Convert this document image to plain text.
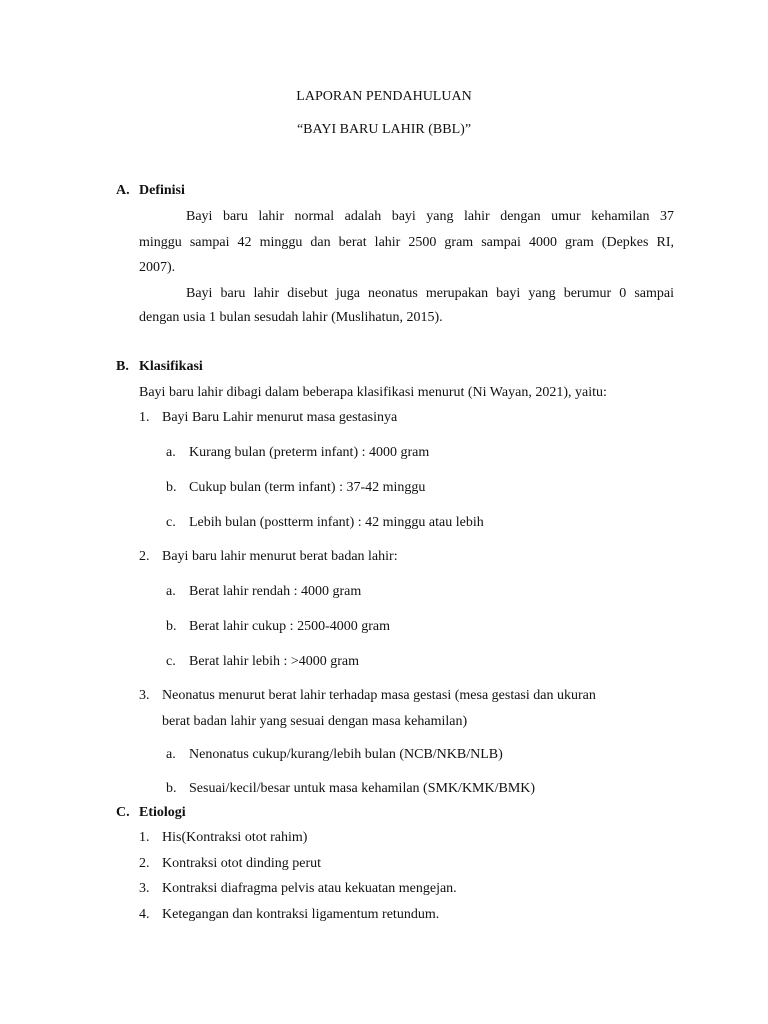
LAPORAN PENDAHULUAN
“BAYI BARU LAHIR (BBL)”
A. Definisi
Bayi baru lahir normal adalah bayi yang lahir dengan umur kehamilan 37
minggu sampai 42 minggu dan berat lahir 2500 gram sampai 4000 gram (Depkes RI,
2007).
Bayi baru lahir disebut juga neonatus merupakan bayi yang berumur 0 sampai
dengan usia 1 bulan sesudah lahir (Muslihatun, 2015).
B. Klasifikasi
Bayi baru lahir dibagi dalam beberapa klasifikasi menurut (Ni Wayan, 2021), yaitu:
1. Bayi Baru Lahir menurut masa gestasinya
a. Kurang bulan (preterm infant) : 4000 gram
b. Cukup bulan (term infant) : 37-42 minggu
c. Lebih bulan (postterm infant) : 42 minggu atau lebih
2. Bayi baru lahir menurut berat badan lahir:
a. Berat lahir rendah : 4000 gram
b. Berat lahir cukup : 2500-4000 gram
c. Berat lahir lebih : >4000 gram
3. Neonatus menurut berat lahir terhadap masa gestasi (mesa gestasi dan ukuran
berat badan lahir yang sesuai dengan masa kehamilan)
a. Nenonatus cukup/kurang/lebih bulan (NCB/NKB/NLB)
b. Sesuai/kecil/besar untuk masa kehamilan (SMK/KMK/BMK)
C. Etiologi
1. His(Kontraksi otot rahim)
2. Kontraksi otot dinding perut
3. Kontraksi diafragma pelvis atau kekuatan mengejan.
4. Ketegangan dan kontraksi ligamentum retundum.
